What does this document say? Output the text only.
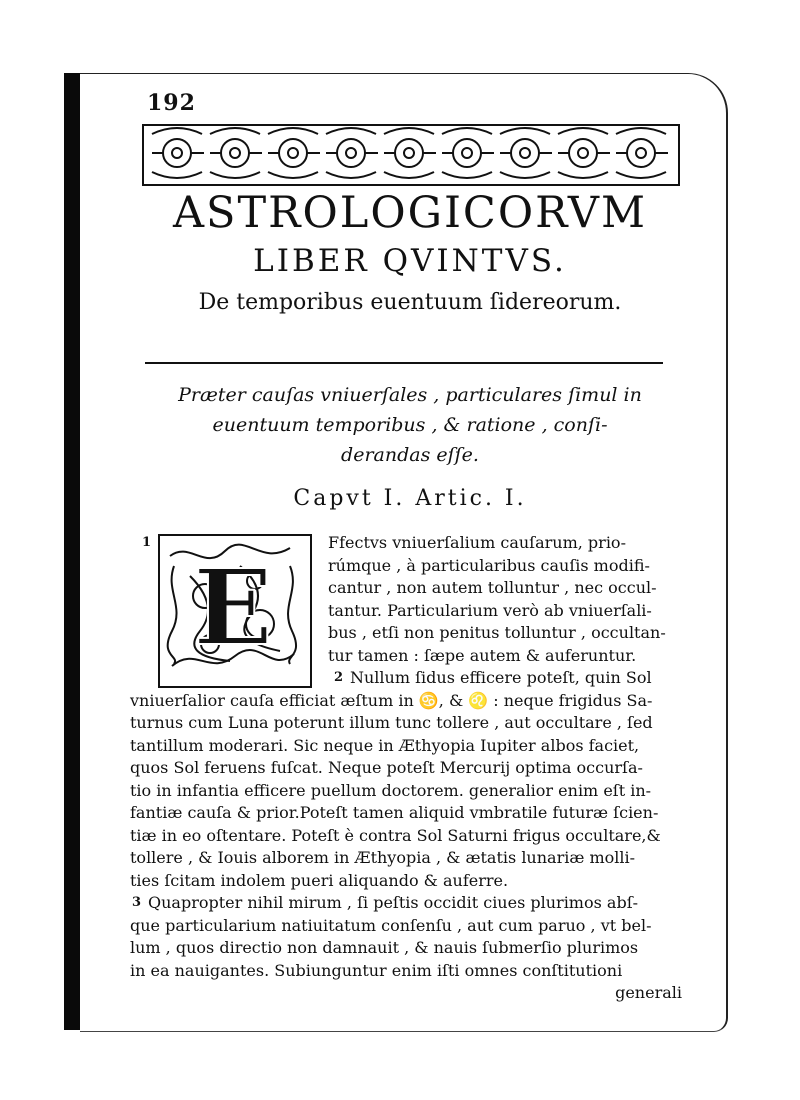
192
ASTROLOGICORVM
LIBER QVINTVS.
De temporibus euentuum ſidereorum.
Præter cauſas vniuerſales , particulares ſimul in
euentuum temporibus , & ratione , conſi-
derandas eſſe.
Capvt I. Artic. I.
E
1	Ffectvs vniuerſalium cauſarum, prio-
rúmque , à particularibus cauſis modifi-
cantur , non autem tolluntur , nec occul-
tantur. Particularium verò ab vniuerſali-
bus , etſi non penitus tolluntur , occultan-
tur tamen : ſæpe autem & auferuntur.
2 Nullum ſidus efficere poteſt, quin Sol
vniuerſalior cauſa efficiat æſtum in ♋, & ♌ : neque frigidus Sa-
turnus cum Luna poterunt illum tunc tollere , aut occultare , ſed
tantillum moderari. Sic neque in Æthyopia Iupiter albos faciet,
quos Sol feruens fuſcat. Neque poteſt Mercurij optima occurſa-
tio in infantia efficere puellum doctorem. generalior enim eſt in-
fantiæ cauſa & prior.Poteſt tamen aliquid vmbratile futuræ ſcien-
tiæ in eo oſtentare. Poteſt è contra Sol Saturni frigus occultare,&
tollere , & Iouis alborem in Æthyopia , & ætatis lunariæ molli-
ties ſcitam indolem pueri aliquando & auferre.
3 Quapropter nihil mirum , ſi peſtis occidit ciues plurimos abſ-
que particularium natiuitatum conſenſu , aut cum paruo , vt bel-
lum , quos directio non damnauit , & nauis ſubmerſio plurimos
in ea nauigantes. Subiunguntur enim iſti omnes conſtitutioni
generali
